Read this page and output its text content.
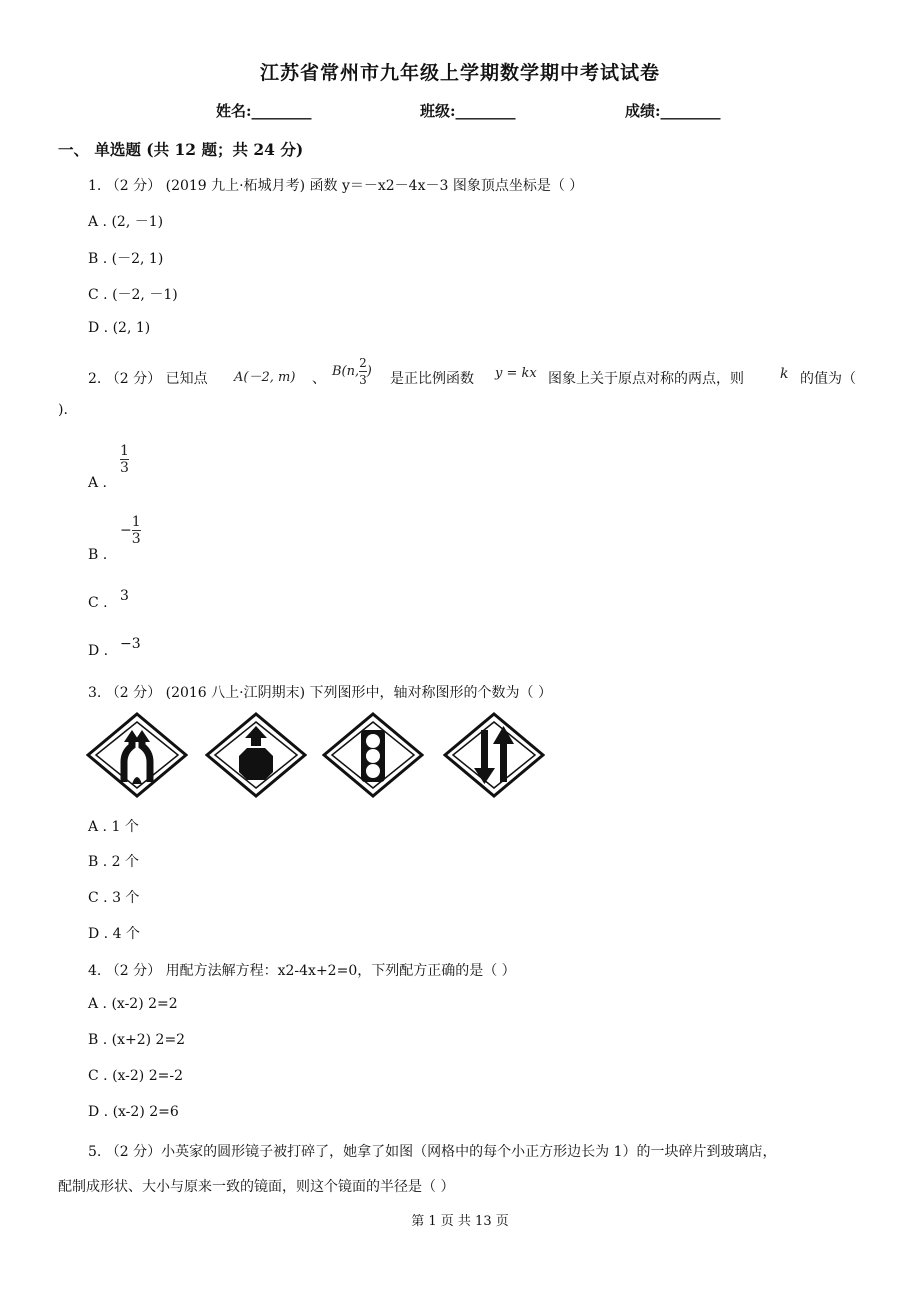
江苏省常州市九年级上学期数学期中考试试卷
姓名:________	班级:________	成绩:________
一、 单选题 (共 12 题；共 24 分)
1. （2 分） (2019 九上·柘城月考) 函数 y＝－x2－4x－3 图象顶点坐标是（ ）
A . (2, －1)
B . (－2, 1)
C . (－2, －1)
D . (2, 1)
2. （2 分） 已知点 A(－2, m) 、 B(n, $\frac{2}{3}$ ) 是正比例函数 y = kx 图象上关于原点对称的两点，则	k 的值为（
).
A .
$\frac{1}{3}$
B .
− $\frac{1}{3}$
C . 3
D . −3
3. （2 分） (2016 八上·江阴期末) 下列图形中，轴对称图形的个数为（ ）
A . 1 个
B . 2 个
C . 3 个
D . 4 个
4. （2 分） 用配方法解方程：x2-4x+2=0，下列配方正确的是（ ）
A . (x-2) 2=2
B . (x+2) 2=2
C . (x-2) 2=-2
D . (x-2) 2=6
5. （2 分）小英家的圆形镜子被打碎了，她拿了如图（网格中的每个小正方形边长为 1）的一块碎片到玻璃店，
配制成形状、大小与原来一致的镜面，则这个镜面的半径是（ ）
第 1 页 共 13 页
